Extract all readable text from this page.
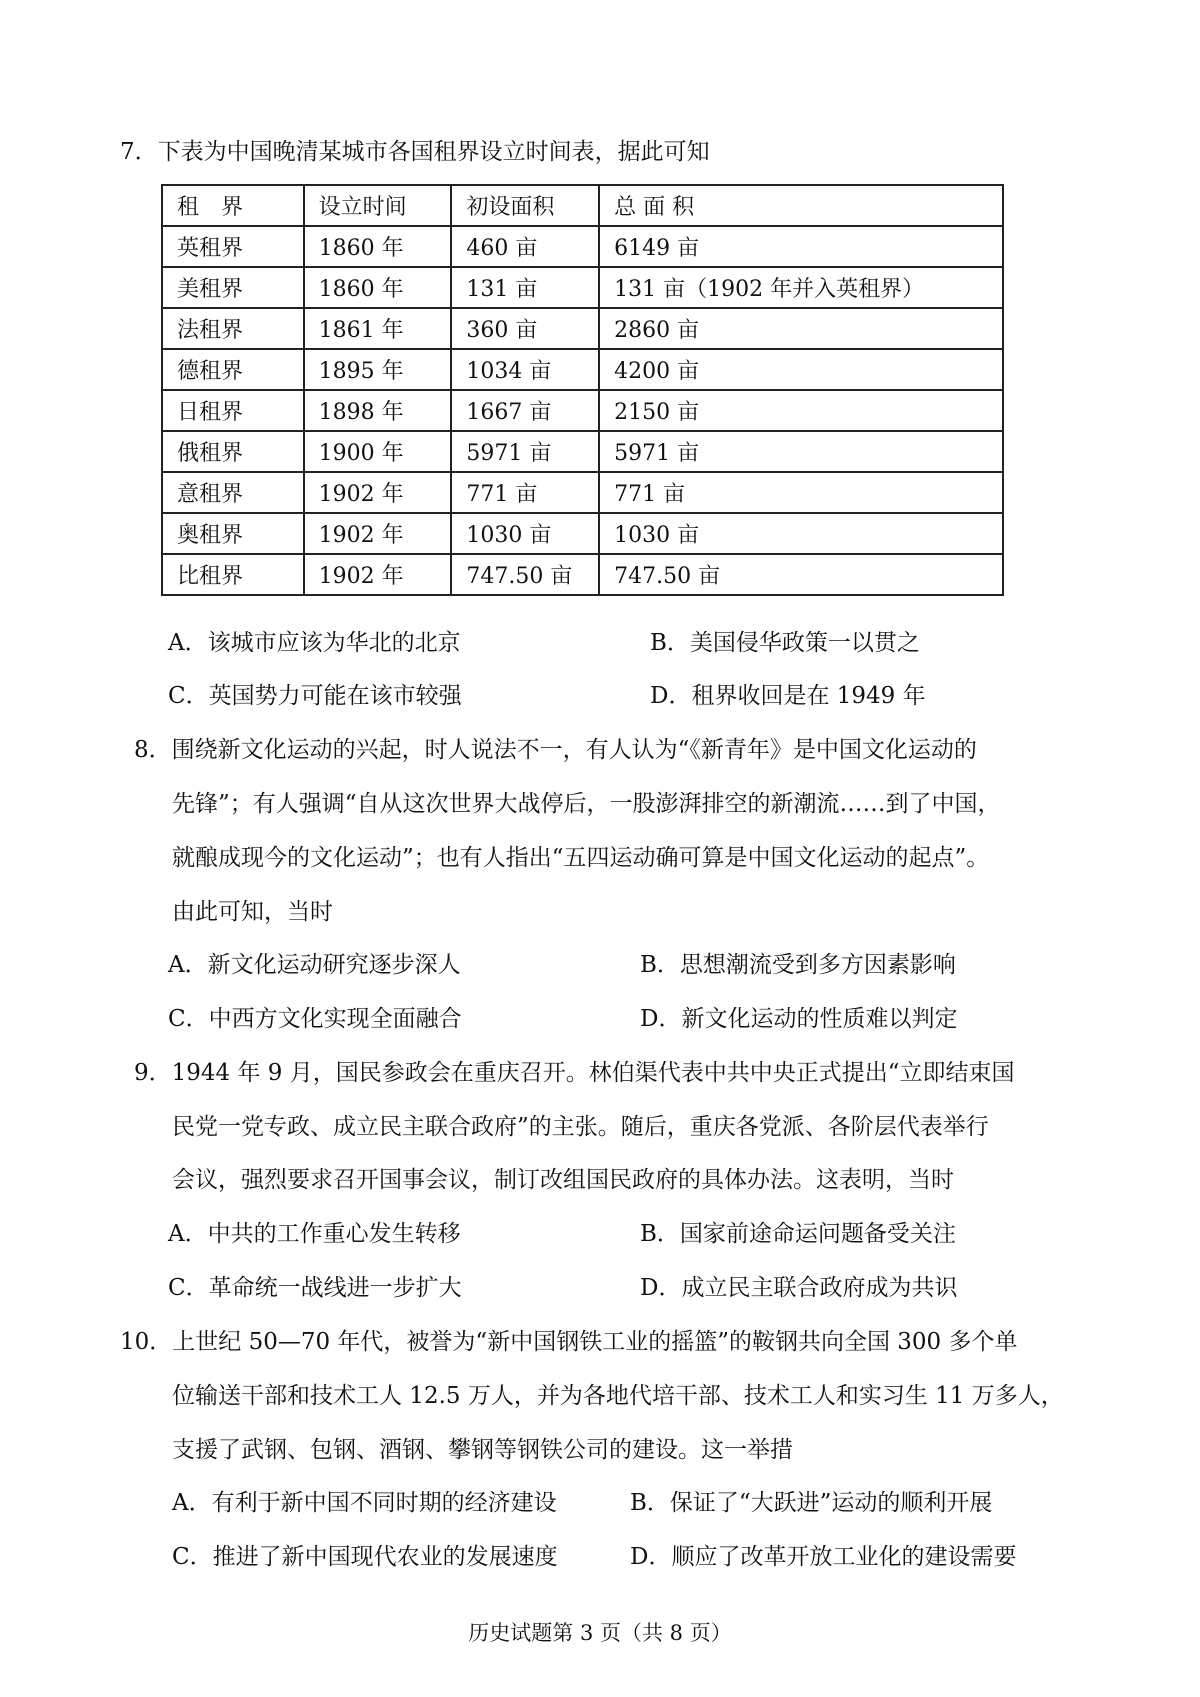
7．下表为中国晚清某城市各国租界设立时间表，据此可知
租　界	设立时间	初设面积	总 面 积
英租界	1860 年	460 亩	6149 亩
美租界	1860 年	131 亩	131 亩（1902 年并入英租界）
法租界	1861 年	360 亩	2860 亩
德租界	1895 年	1034 亩	4200 亩
日租界	1898 年	1667 亩	2150 亩
俄租界	1900 年	5971 亩	5971 亩
意租界	1902 年	771 亩	771 亩
奥租界	1902 年	1030 亩	1030 亩
比租界	1902 年	747.50 亩	747.50 亩
A．该城市应该为华北的北京	B．美国侵华政策一以贯之
C．英国势力可能在该市较强	D．租界收回是在 1949 年
8．围绕新文化运动的兴起，时人说法不一，有人认为“《新青年》是中国文化运动的
先锋”；有人强调“自从这次世界大战停后，一股澎湃排空的新潮流……到了中国，
就酿成现今的文化运动”；也有人指出“五四运动确可算是中国文化运动的起点”。
由此可知，当时
A．新文化运动研究逐步深人	B．思想潮流受到多方因素影响
C．中西方文化实现全面融合	D．新文化运动的性质难以判定
9．1944 年 9 月，国民参政会在重庆召开。林伯渠代表中共中央正式提出“立即结束国
民党一党专政、成立民主联合政府”的主张。随后，重庆各党派、各阶层代表举行
会议，强烈要求召开国事会议，制订改组国民政府的具体办法。这表明，当时
A．中共的工作重心发生转移	B．国家前途命运问题备受关注
C．革命统一战线进一步扩大	D．成立民主联合政府成为共识
10．上世纪 50—70 年代，被誉为“新中国钢铁工业的摇篮”的鞍钢共向全国 300 多个单
位输送干部和技术工人 12.5 万人，并为各地代培干部、技术工人和实习生 11 万多人，
支援了武钢、包钢、酒钢、攀钢等钢铁公司的建设。这一举措
A．有利于新中国不同时期的经济建设	B．保证了“大跃进”运动的顺利开展
C．推进了新中国现代农业的发展速度	D．顺应了改革开放工业化的建设需要
历史试题第 3 页（共 8 页）
